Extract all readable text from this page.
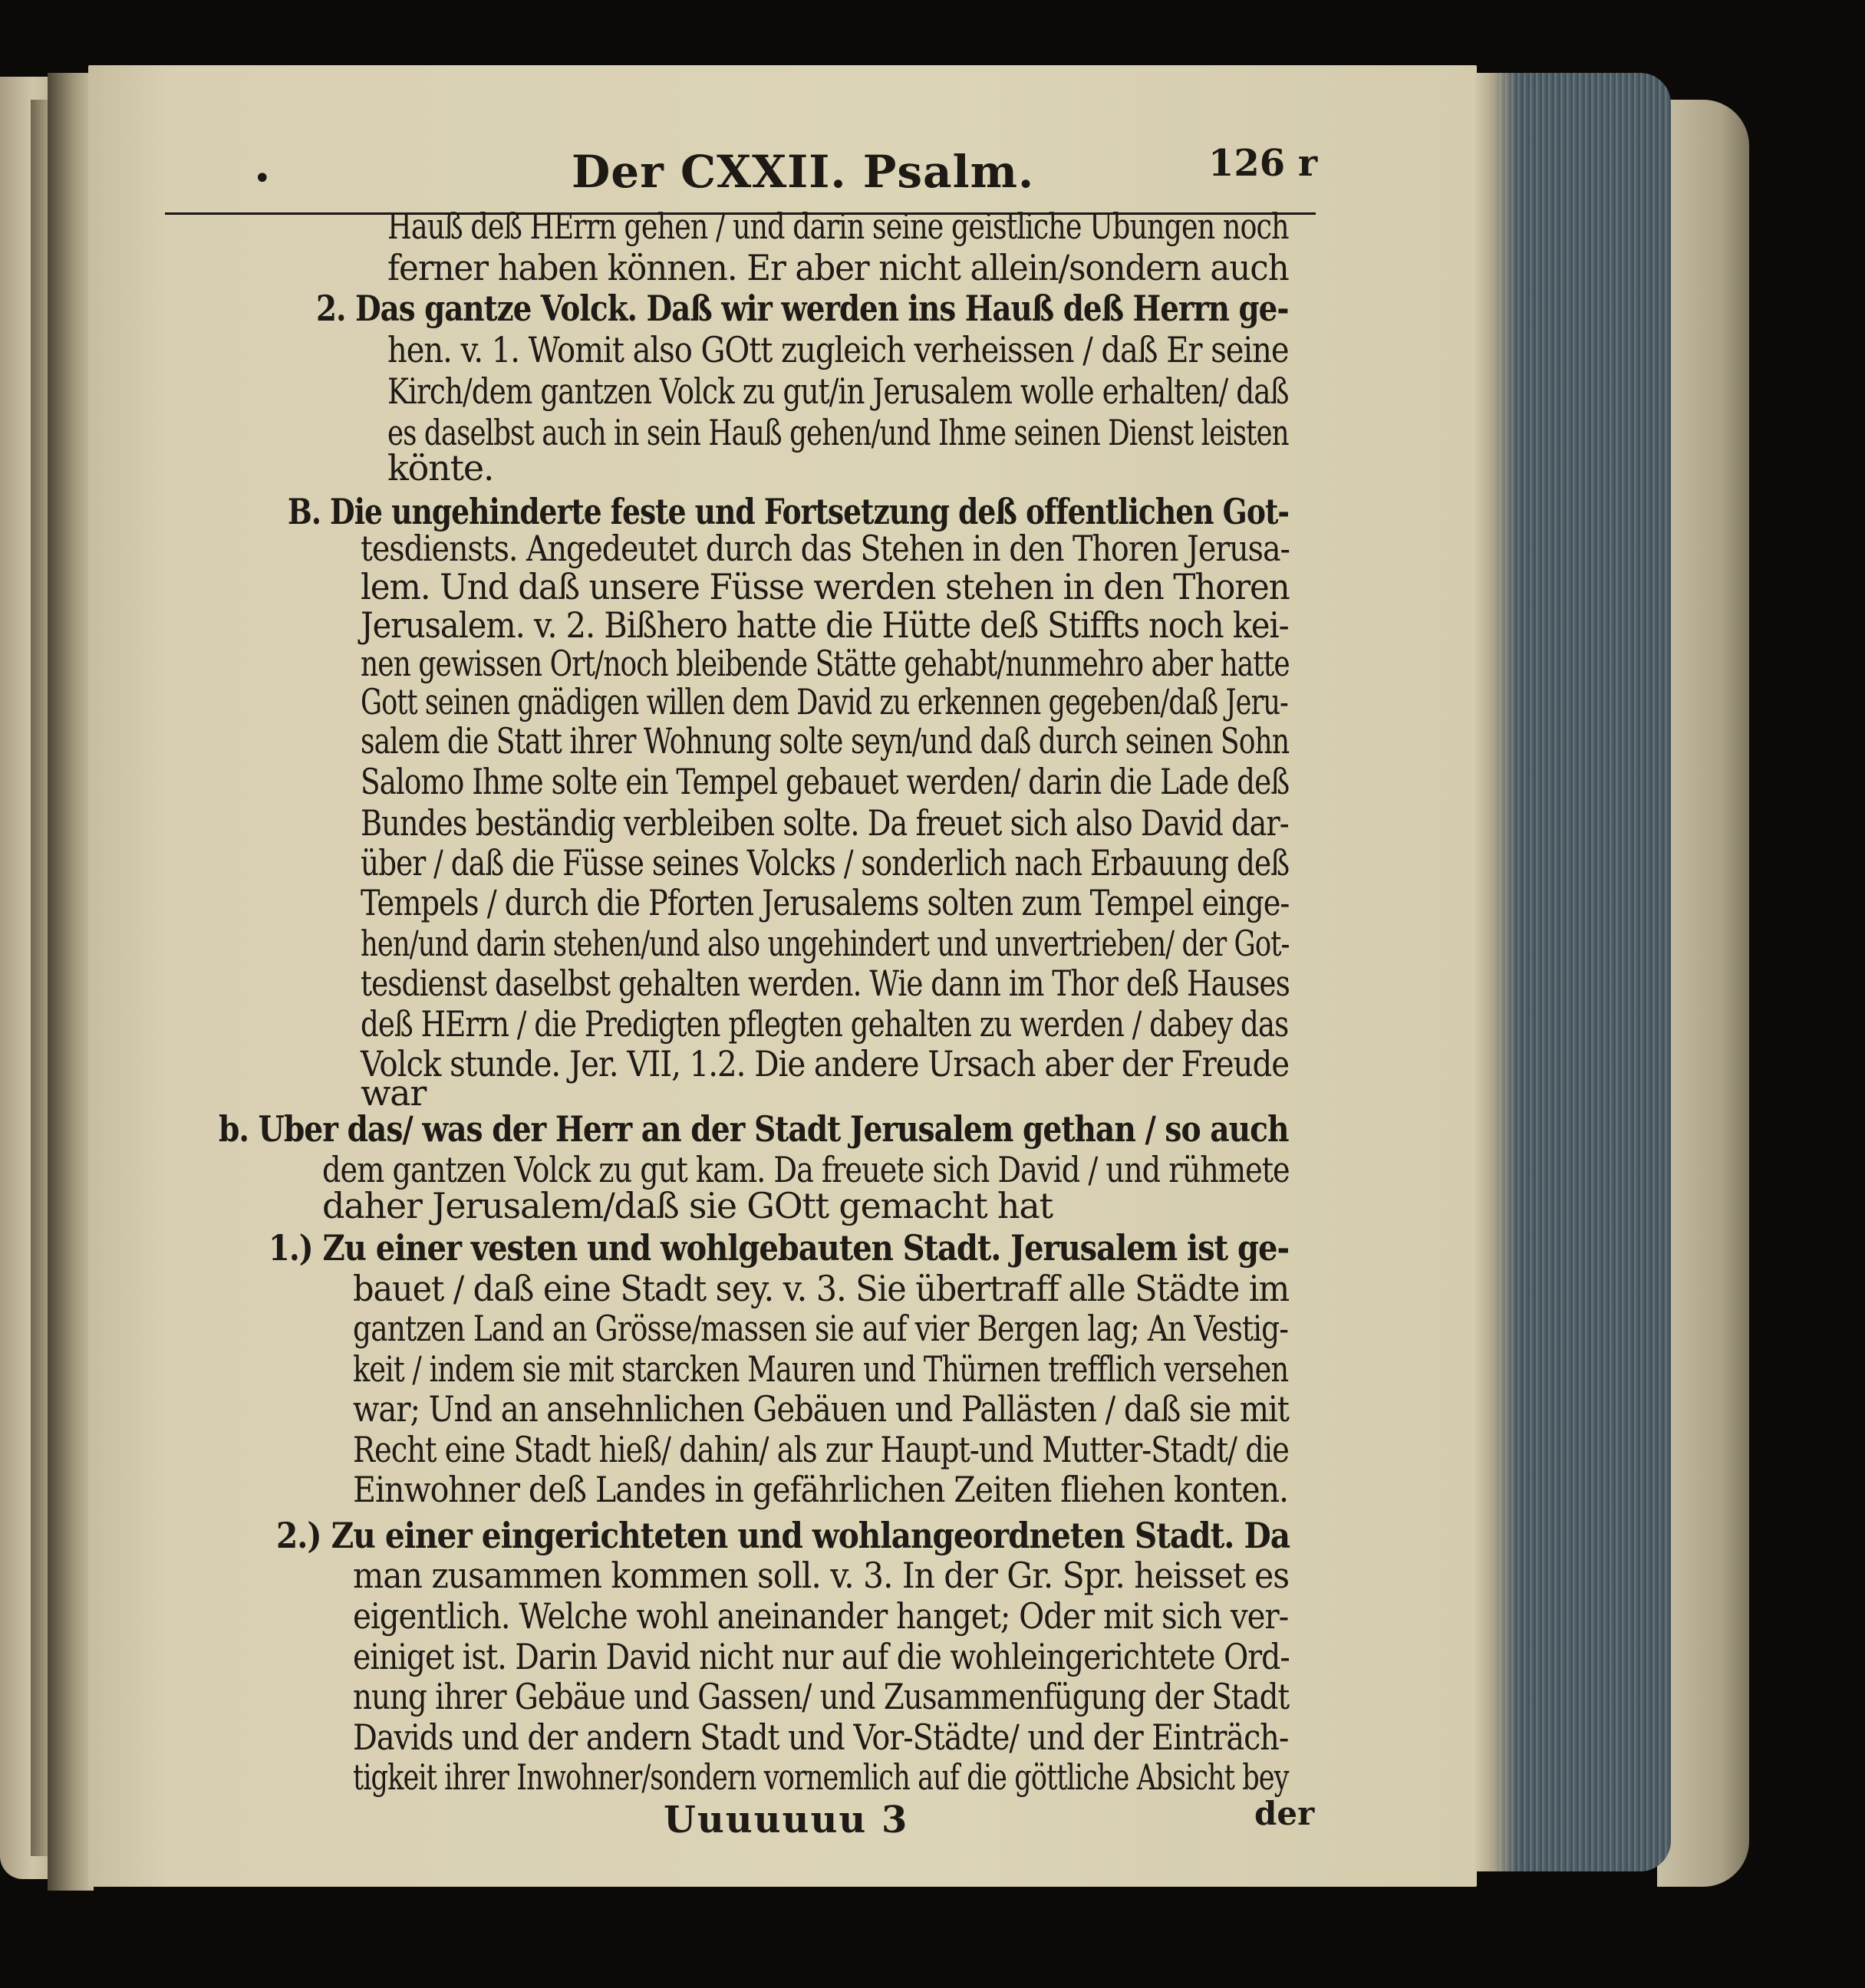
•	Der CXXII. Psalm.	126 r

Hauß deß HErrn gehen / und darin seine geistliche Ubungen noch

ferner haben können. Er aber nicht allein/sondern auch

2. Das gantze Volck. Daß wir werden ins Hauß deß Herrn ge-

hen. v. 1. Womit also GOtt zugleich verheissen / daß Er seine

Kirch/dem gantzen Volck zu gut/in Jerusalem wolle erhalten/ daß

es daselbst auch in sein Hauß gehen/und Ihme seinen Dienst leisten

könte.

B. Die ungehinderte feste und Fortsetzung deß offentlichen Got-

tesdiensts. Angedeutet durch das Stehen in den Thoren Jerusa-

lem. Und daß unsere Füsse werden stehen in den Thoren

Jerusalem. v. 2. Bißhero hatte die Hütte deß Stiffts noch kei-

nen gewissen Ort/noch bleibende Stätte gehabt/nunmehro aber hatte

Gott seinen gnädigen willen dem David zu erkennen gegeben/daß Jeru-

salem die Statt ihrer Wohnung solte seyn/und daß durch seinen Sohn

Salomo Ihme solte ein Tempel gebauet werden/ darin die Lade deß

Bundes beständig verbleiben solte. Da freuet sich also David dar-

über / daß die Füsse seines Volcks / sonderlich nach Erbauung deß

Tempels / durch die Pforten Jerusalems solten zum Tempel einge-

hen/und darin stehen/und also ungehindert und unvertrieben/ der Got-

tesdienst daselbst gehalten werden. Wie dann im Thor deß Hauses

deß HErrn / die Predigten pflegten gehalten zu werden / dabey das

Volck stunde. Jer. VII, 1.2. Die andere Ursach aber der Freude

war

b. Uber das/ was der Herr an der Stadt Jerusalem gethan / so auch

dem gantzen Volck zu gut kam. Da freuete sich David / und rühmete

daher Jerusalem/daß sie GOtt gemacht hat

1.) Zu einer vesten und wohlgebauten Stadt. Jerusalem ist ge-

bauet / daß eine Stadt sey. v. 3. Sie übertraff alle Städte im

gantzen Land an Grösse/massen sie auf vier Bergen lag; An Vestig-

keit / indem sie mit starcken Mauren und Thürnen trefflich versehen

war; Und an ansehnlichen Gebäuen und Pallästen / daß sie mit

Recht eine Stadt hieß/ dahin/ als zur Haupt-und Mutter-Stadt/ die

Einwohner deß Landes in gefährlichen Zeiten fliehen konten.

2.) Zu einer eingerichteten und wohlangeordneten Stadt. Da

man zusammen kommen soll. v. 3. In der Gr. Spr. heisset es

eigentlich. Welche wohl aneinander hanget; Oder mit sich ver-

einiget ist. Darin David nicht nur auf die wohleingerichtete Ord-

nung ihrer Gebäue und Gassen/ und Zusammenfügung der Stadt

Davids und der andern Stadt und Vor-Städte/ und der Einträch-

tigkeit ihrer Inwohner/sondern vornemlich auf die göttliche Absicht bey

Uuuuuuu 3	der
